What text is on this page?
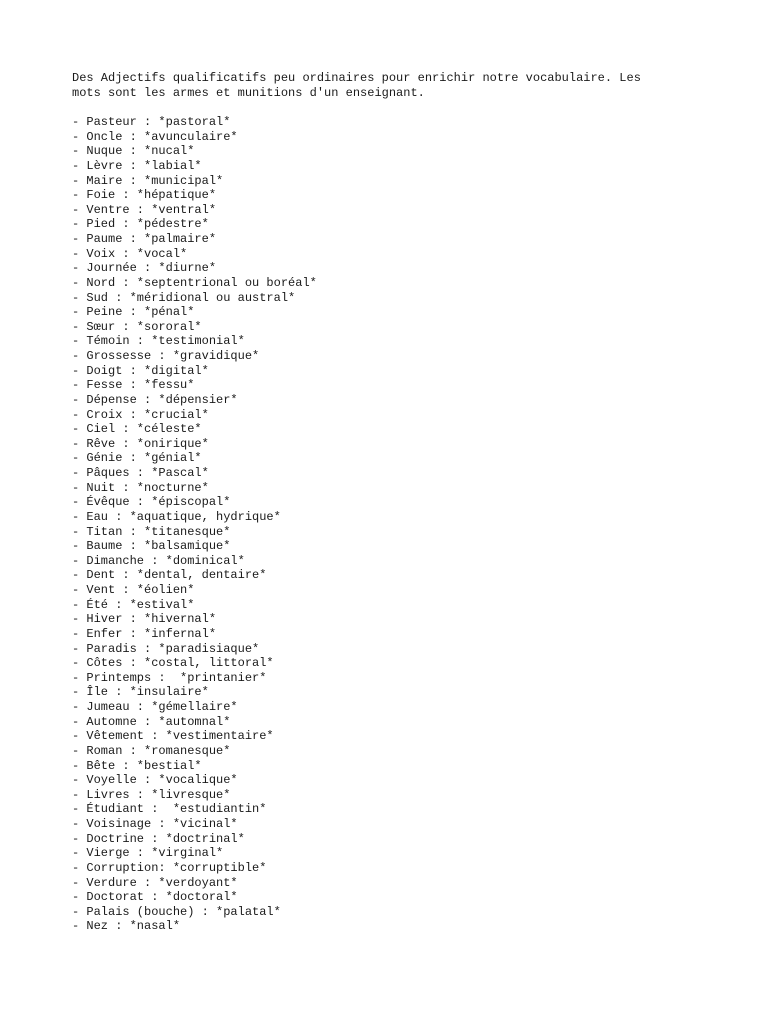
Des Adjectifs qualificatifs peu ordinaires pour enrichir notre vocabulaire. Les
mots sont les armes et munitions d'un enseignant.

- Pasteur : *pastoral*
- Oncle : *avunculaire*
- Nuque : *nucal*
- Lèvre : *labial*
- Maire : *municipal*
- Foie : *hépatique*
- Ventre : *ventral*
- Pied : *pédestre*
- Paume : *palmaire*
- Voix : *vocal*
- Journée : *diurne*
- Nord : *septentrional ou boréal*
- Sud : *méridional ou austral*
- Peine : *pénal*
- Sœur : *sororal*
- Témoin : *testimonial*
- Grossesse : *gravidique*
- Doigt : *digital*
- Fesse : *fessu*
- Dépense : *dépensier*
- Croix : *crucial*
- Ciel : *céleste*
- Rêve : *onirique*
- Génie : *génial*
- Pâques : *Pascal*
- Nuit : *nocturne*
- Évêque : *épiscopal*
- Eau : *aquatique, hydrique*
- Titan : *titanesque*
- Baume : *balsamique*
- Dimanche : *dominical*
- Dent : *dental, dentaire*
- Vent : *éolien*
- Été : *estival*
- Hiver : *hivernal*
- Enfer : *infernal*
- Paradis : *paradisiaque*
- Côtes : *costal, littoral*
- Printemps :  *printanier*
- Île : *insulaire*
- Jumeau : *gémellaire*
- Automne : *automnal*
- Vêtement : *vestimentaire*
- Roman : *romanesque*
- Bête : *bestial*
- Voyelle : *vocalique*
- Livres : *livresque*
- Étudiant :  *estudiantin*
- Voisinage : *vicinal*
- Doctrine : *doctrinal*
- Vierge : *virginal*
- Corruption: *corruptible*
- Verdure : *verdoyant*
- Doctorat : *doctoral*
- Palais (bouche) : *palatal*
- Nez : *nasal*
